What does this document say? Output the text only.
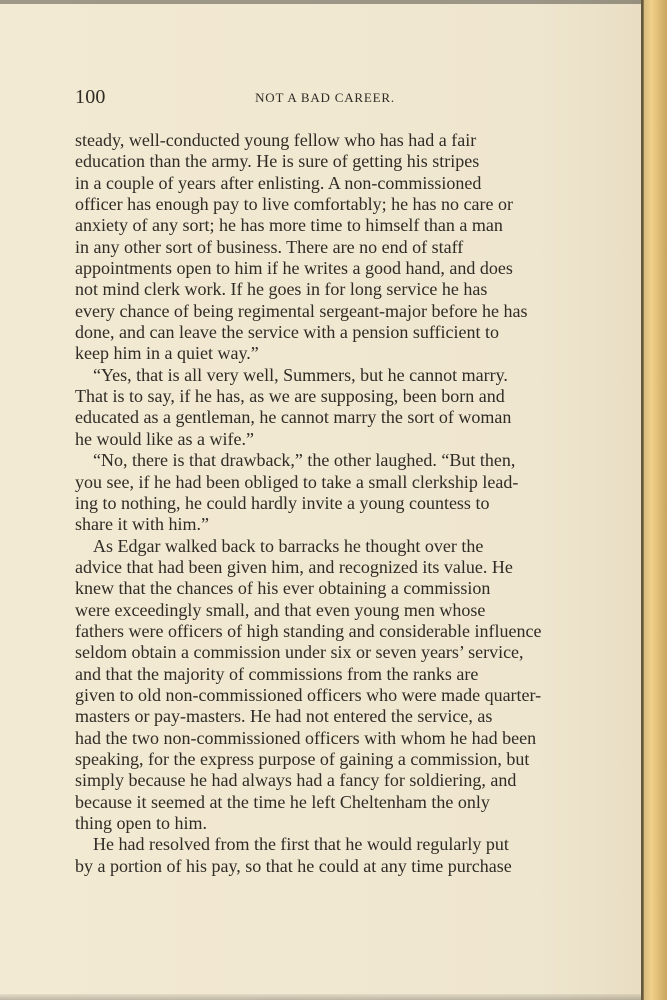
100	NOT A BAD CAREER.
steady, well-conducted young fellow who has had a fair
education than the army. He is sure of getting his stripes
in a couple of years after enlisting. A non-commissioned
officer has enough pay to live comfortably; he has no care or
anxiety of any sort; he has more time to himself than a man
in any other sort of business. There are no end of staff
appointments open to him if he writes a good hand, and does
not mind clerk work. If he goes in for long service he has
every chance of being regimental sergeant-major before he has
done, and can leave the service with a pension sufficient to
keep him in a quiet way.”
“Yes, that is all very well, Summers, but he cannot marry.
That is to say, if he has, as we are supposing, been born and
educated as a gentleman, he cannot marry the sort of woman
he would like as a wife.”
“No, there is that drawback,” the other laughed. “But then,
you see, if he had been obliged to take a small clerkship lead-
ing to nothing, he could hardly invite a young countess to
share it with him.”
As Edgar walked back to barracks he thought over the
advice that had been given him, and recognized its value. He
knew that the chances of his ever obtaining a commission
were exceedingly small, and that even young men whose
fathers were officers of high standing and considerable influence
seldom obtain a commission under six or seven years’ service,
and that the majority of commissions from the ranks are
given to old non-commissioned officers who were made quarter-
masters or pay-masters. He had not entered the service, as
had the two non-commissioned officers with whom he had been
speaking, for the express purpose of gaining a commission, but
simply because he had always had a fancy for soldiering, and
because it seemed at the time he left Cheltenham the only
thing open to him.
He had resolved from the first that he would regularly put
by a portion of his pay, so that he could at any time purchase
